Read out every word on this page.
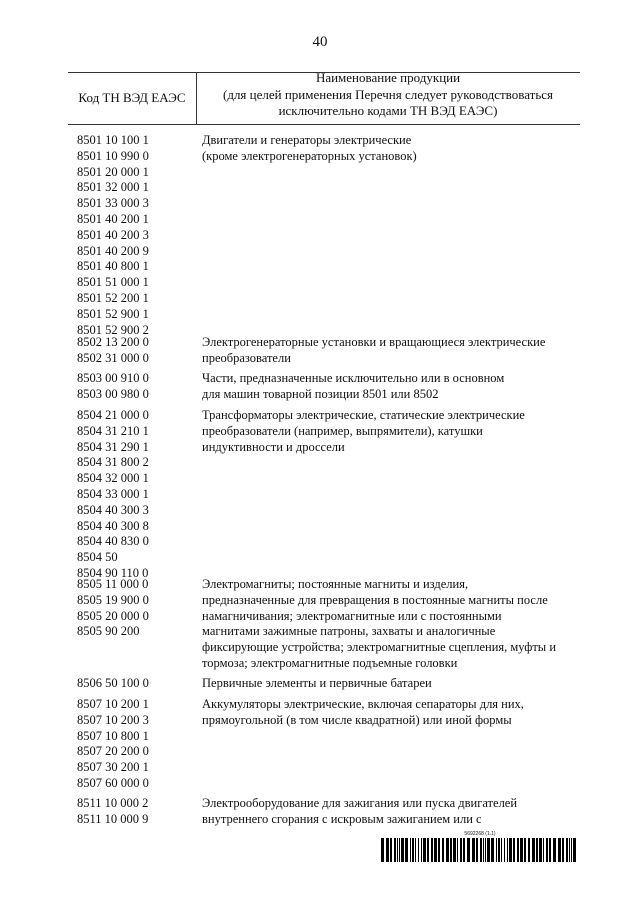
40
Код ТН ВЭД ЕАЭС
Наименование продукции
(для целей применения Перечня следует руководствоваться
исключительно кодами ТН ВЭД ЕАЭС)
8501 10 100 1
8501 10 990 0
8501 20 000 1
8501 32 000 1
8501 33 000 3
8501 40 200 1
8501 40 200 3
8501 40 200 9
8501 40 800 1
8501 51 000 1
8501 52 200 1
8501 52 900 1
8501 52 900 2
Двигатели и генераторы электрические
(кроме электрогенераторных установок)
8502 13 200 0
8502 31 000 0
Электрогенераторные установки и вращающиеся электрические
преобразователи
8503 00 910 0
8503 00 980 0
Части, предназначенные исключительно или в основном
для машин товарной позиции 8501 или 8502
8504 21 000 0
8504 31 210 1
8504 31 290 1
8504 31 800 2
8504 32 000 1
8504 33 000 1
8504 40 300 3
8504 40 300 8
8504 40 830 0
8504 50
8504 90 110 0
Трансформаторы электрические, статические электрические
преобразователи (например, выпрямители), катушки
индуктивности и дроссели
8505 11 000 0
8505 19 900 0
8505 20 000 0
8505 90 200
Электромагниты; постоянные магниты и изделия,
предназначенные для превращения в постоянные магниты после
намагничивания; электромагнитные или с постоянными
магнитами зажимные патроны, захваты и аналогичные
фиксирующие устройства; электромагнитные сцепления, муфты и
тормоза; электромагнитные подъемные головки
8506 50 100 0	Первичные элементы и первичные батареи
8507 10 200 1
8507 10 200 3
8507 10 800 1
8507 20 200 0
8507 30 200 1
8507 60 000 0
Аккумуляторы электрические, включая сепараторы для них,
прямоугольной (в том числе квадратной) или иной формы
8511 10 000 2
8511 10 000 9
Электрооборудование для зажигания или пуска двигателей
внутреннего сгорания с искровым зажиганием или с
5692268 (1.1)
